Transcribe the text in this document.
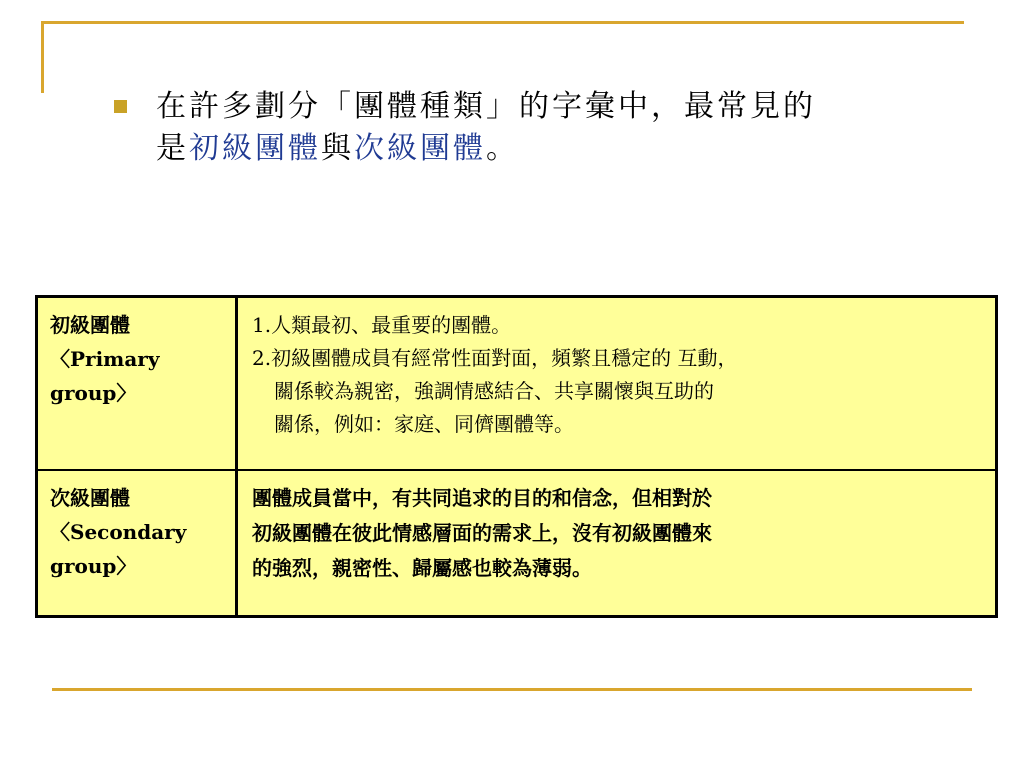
在許多劃分「團體種類」的字彙中，最常見的
是初級團體與次級團體。
初級團體
〈Primary
group〉
1.人類最初、最重要的團體。
2.初級團體成員有經常性面對面，頻繁且穩定的 互動，
關係較為親密，強調情感結合、共享關懷與互助的
關係，例如：家庭、同儕團體等。
次級團體
〈Secondary
group〉
團體成員當中，有共同追求的目的和信念，但相對於
初級團體在彼此情感層面的需求上，沒有初級團體來
的強烈，親密性、歸屬感也較為薄弱。
